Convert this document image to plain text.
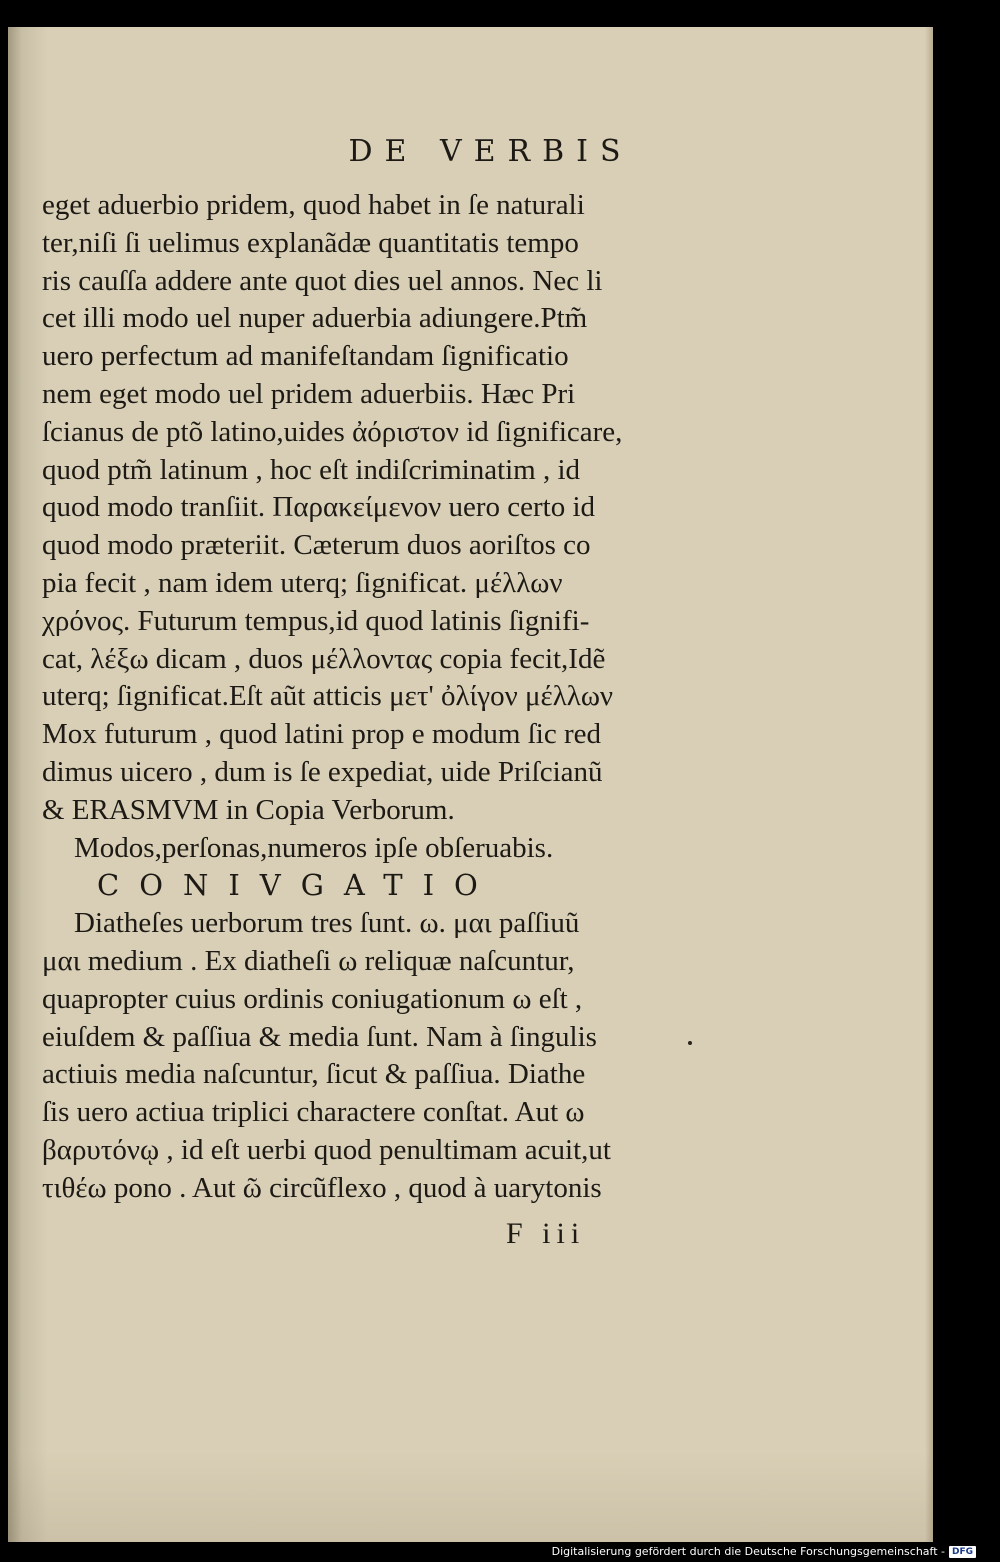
DE VERBIS
eget aduerbio pridem, quod habet in ſe naturali
ter,niſi ſi uelimus explanãdæ quantitatis tempo
ris cauſſa addere ante quot dies uel annos. Nec li
cet illi modo uel nuper aduerbia adiungere.Ptm̃
uero perfectum ad manifeſtandam ſignificatio
nem eget modo uel pridem aduerbiis. Hæc Pri
ſcianus de ptõ latino,uides ἀόριστον id ſignificare,
quod ptm̃ latinum , hoc eſt indiſcriminatim , id
quod modo tranſiit. Παρακείμενον uero certo id
quod modo præteriit. Cæterum duos aoriſtos co
pia fecit , nam idem uterq; ſignificat. μέλλων
χρόνος. Futurum tempus,id quod latinis ſignifi-
cat, λέξω dicam , duos μέλλοντας copia fecit,Idẽ
uterq; ſignificat.Eſt aũt atticis μετ' ὀλίγον μέλλων
Mox futurum , quod latini prop e modum ſic red
dimus uicero , dum is ſe expediat, uide Priſcianũ
& ERASMVM in Copia Verborum.
Modos,perſonas,numeros ipſe obſeruabis.
CONIVGATIO
Diatheſes uerborum tres ſunt. ω. μαι paſſiuũ
μαι medium . Ex diatheſi ω reliquæ naſcuntur,
quapropter cuius ordinis coniugationum ω eſt ,
eiuſdem & paſſiua & media ſunt. Nam à ſingulis
actiuis media naſcuntur, ſicut & paſſiua. Diathe
ſis uero actiua triplici charactere conſtat. Aut ω
βαρυτόνῳ , id eſt uerbi quod penultimam acuit,ut
τιθέω pono . Aut ῶ circũflexo , quod à uarytonis
F iii
Digitalisierung gefördert durch die Deutsche Forschungsgemeinschaft - DFG
